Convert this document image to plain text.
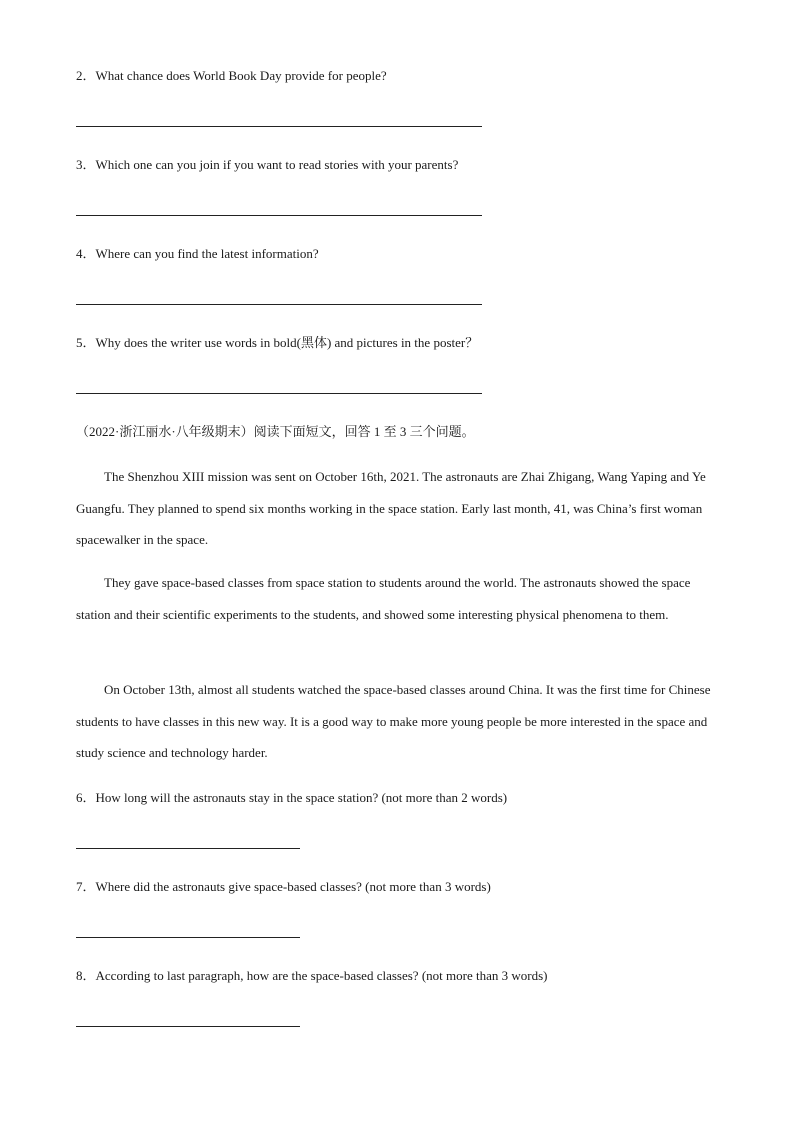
2．What chance does World Book Day provide for people?
3．Which one can you join if you want to read stories with your parents?
4．Where can you find the latest information?
5．Why does the writer use words in bold(黑体) and pictures in the poster？
（2022·浙江丽水·八年级期末）阅读下面短文，回答 1 至 3 三个问题。

The Shenzhou XIII mission was sent on October 16th, 2021. The astronauts are Zhai Zhigang, Wang Yaping and Ye Guangfu. They planned to spend six months working in the space station. Early last month, 41, was China’s first woman spacewalker in the space.

They gave space-based classes from space station to students around the world. The astronauts showed the space station and their scientific experiments to the students, and showed some interesting physical phenomena to them.

On October 13th, almost all students watched the space-based classes around China. It was the first time for Chinese students to have classes in this new way. It is a good way to make more young people be more interested in the space and study science and technology harder.

6．How long will the astronauts stay in the space station? (not more than 2 words)
7．Where did the astronauts give space-based classes? (not more than 3 words)
8．According to last paragraph, how are the space-based classes? (not more than 3 words)
